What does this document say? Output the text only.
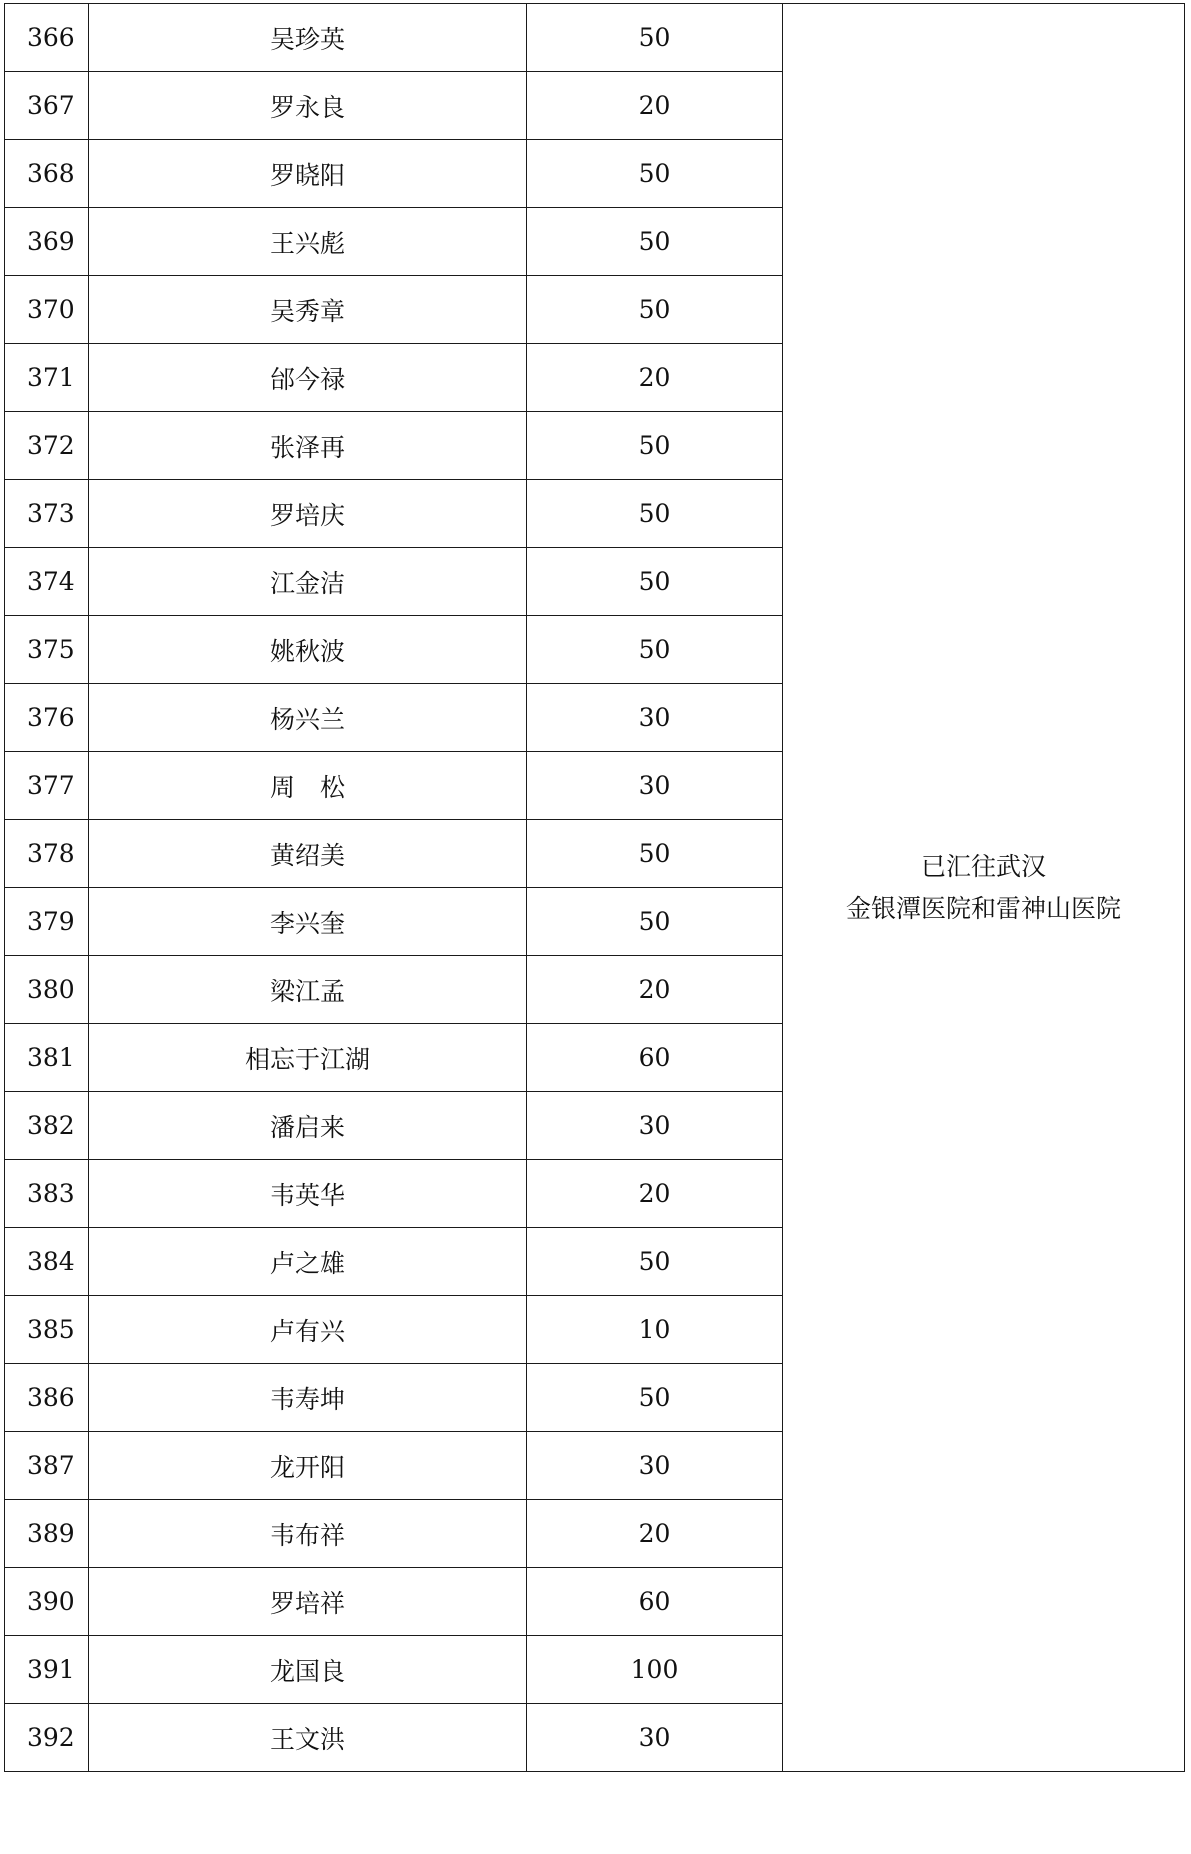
366	吴珍英	50	已汇往武汉
金银潭医院和雷神山医院

367	罗永良	20	
368	罗晓阳	50	
369	王兴彪	50	
370	吴秀章	50	
371	邰今禄	20	
372	张泽再	50	
373	罗培庆	50	
374	江金洁	50	
375	姚秋波	50	
376	杨兴兰	30	
377	周　松	30	
378	黄绍美	50	
379	李兴奎	50	
380	梁江孟	20	
381	相忘于江湖	60	
382	潘启来	30	
383	韦英华	20	
384	卢之雄	50	
385	卢有兴	10	
386	韦寿坤	50	
387	龙开阳	30	
389	韦布祥	20	
390	罗培祥	60	
391	龙国良	100	
392	王文洪	30	
